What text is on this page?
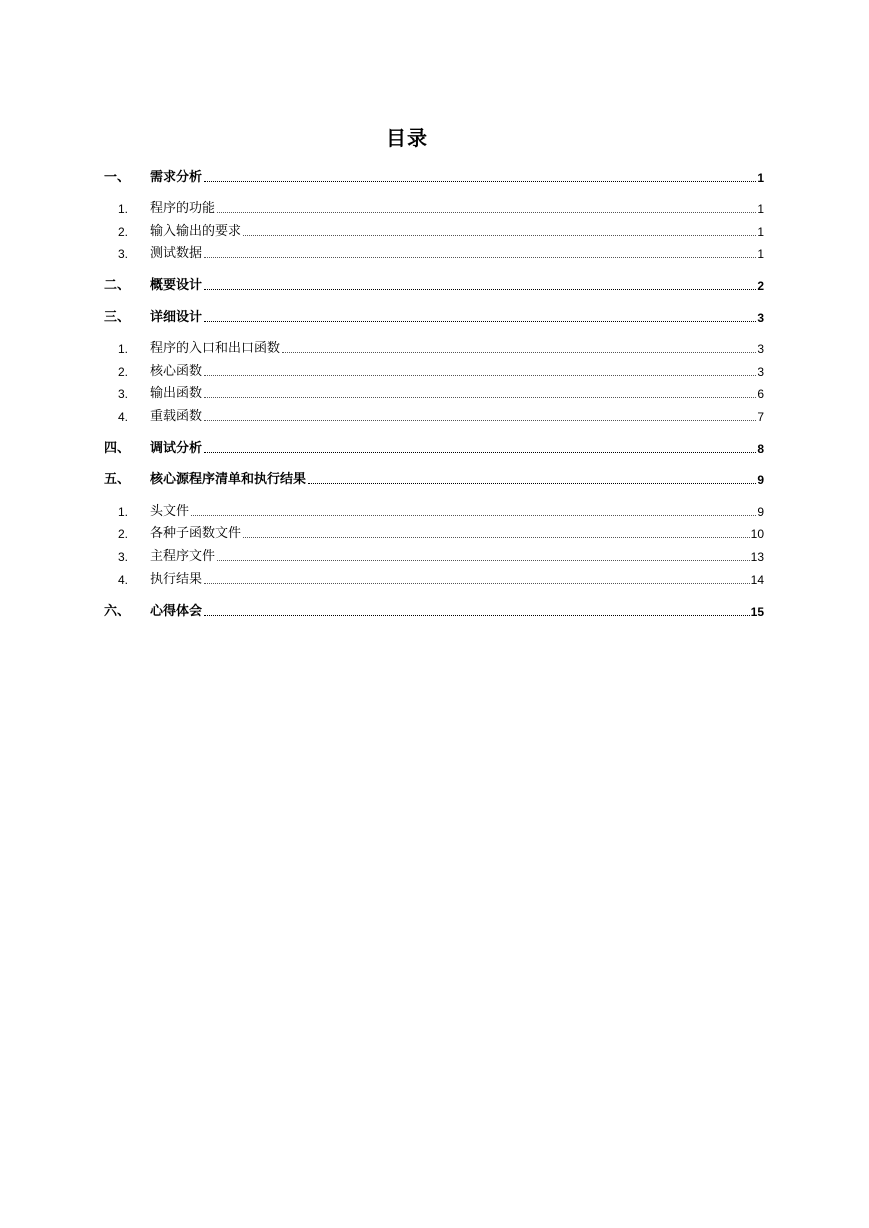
目录
一、	需求分析	1
1.	程序的功能	1
2.	输入输出的要求	1
3.	测试数据	1
二、	概要设计	2
三、	详细设计	3
1.	程序的入口和出口函数	3
2.	核心函数	3
3.	输出函数	6
4.	重载函数	7
四、	调试分析	8
五、	核心源程序清单和执行结果	9
1.	头文件	9
2.	各种子函数文件	10
3.	主程序文件	13
4.	执行结果	14
六、	心得体会	15
